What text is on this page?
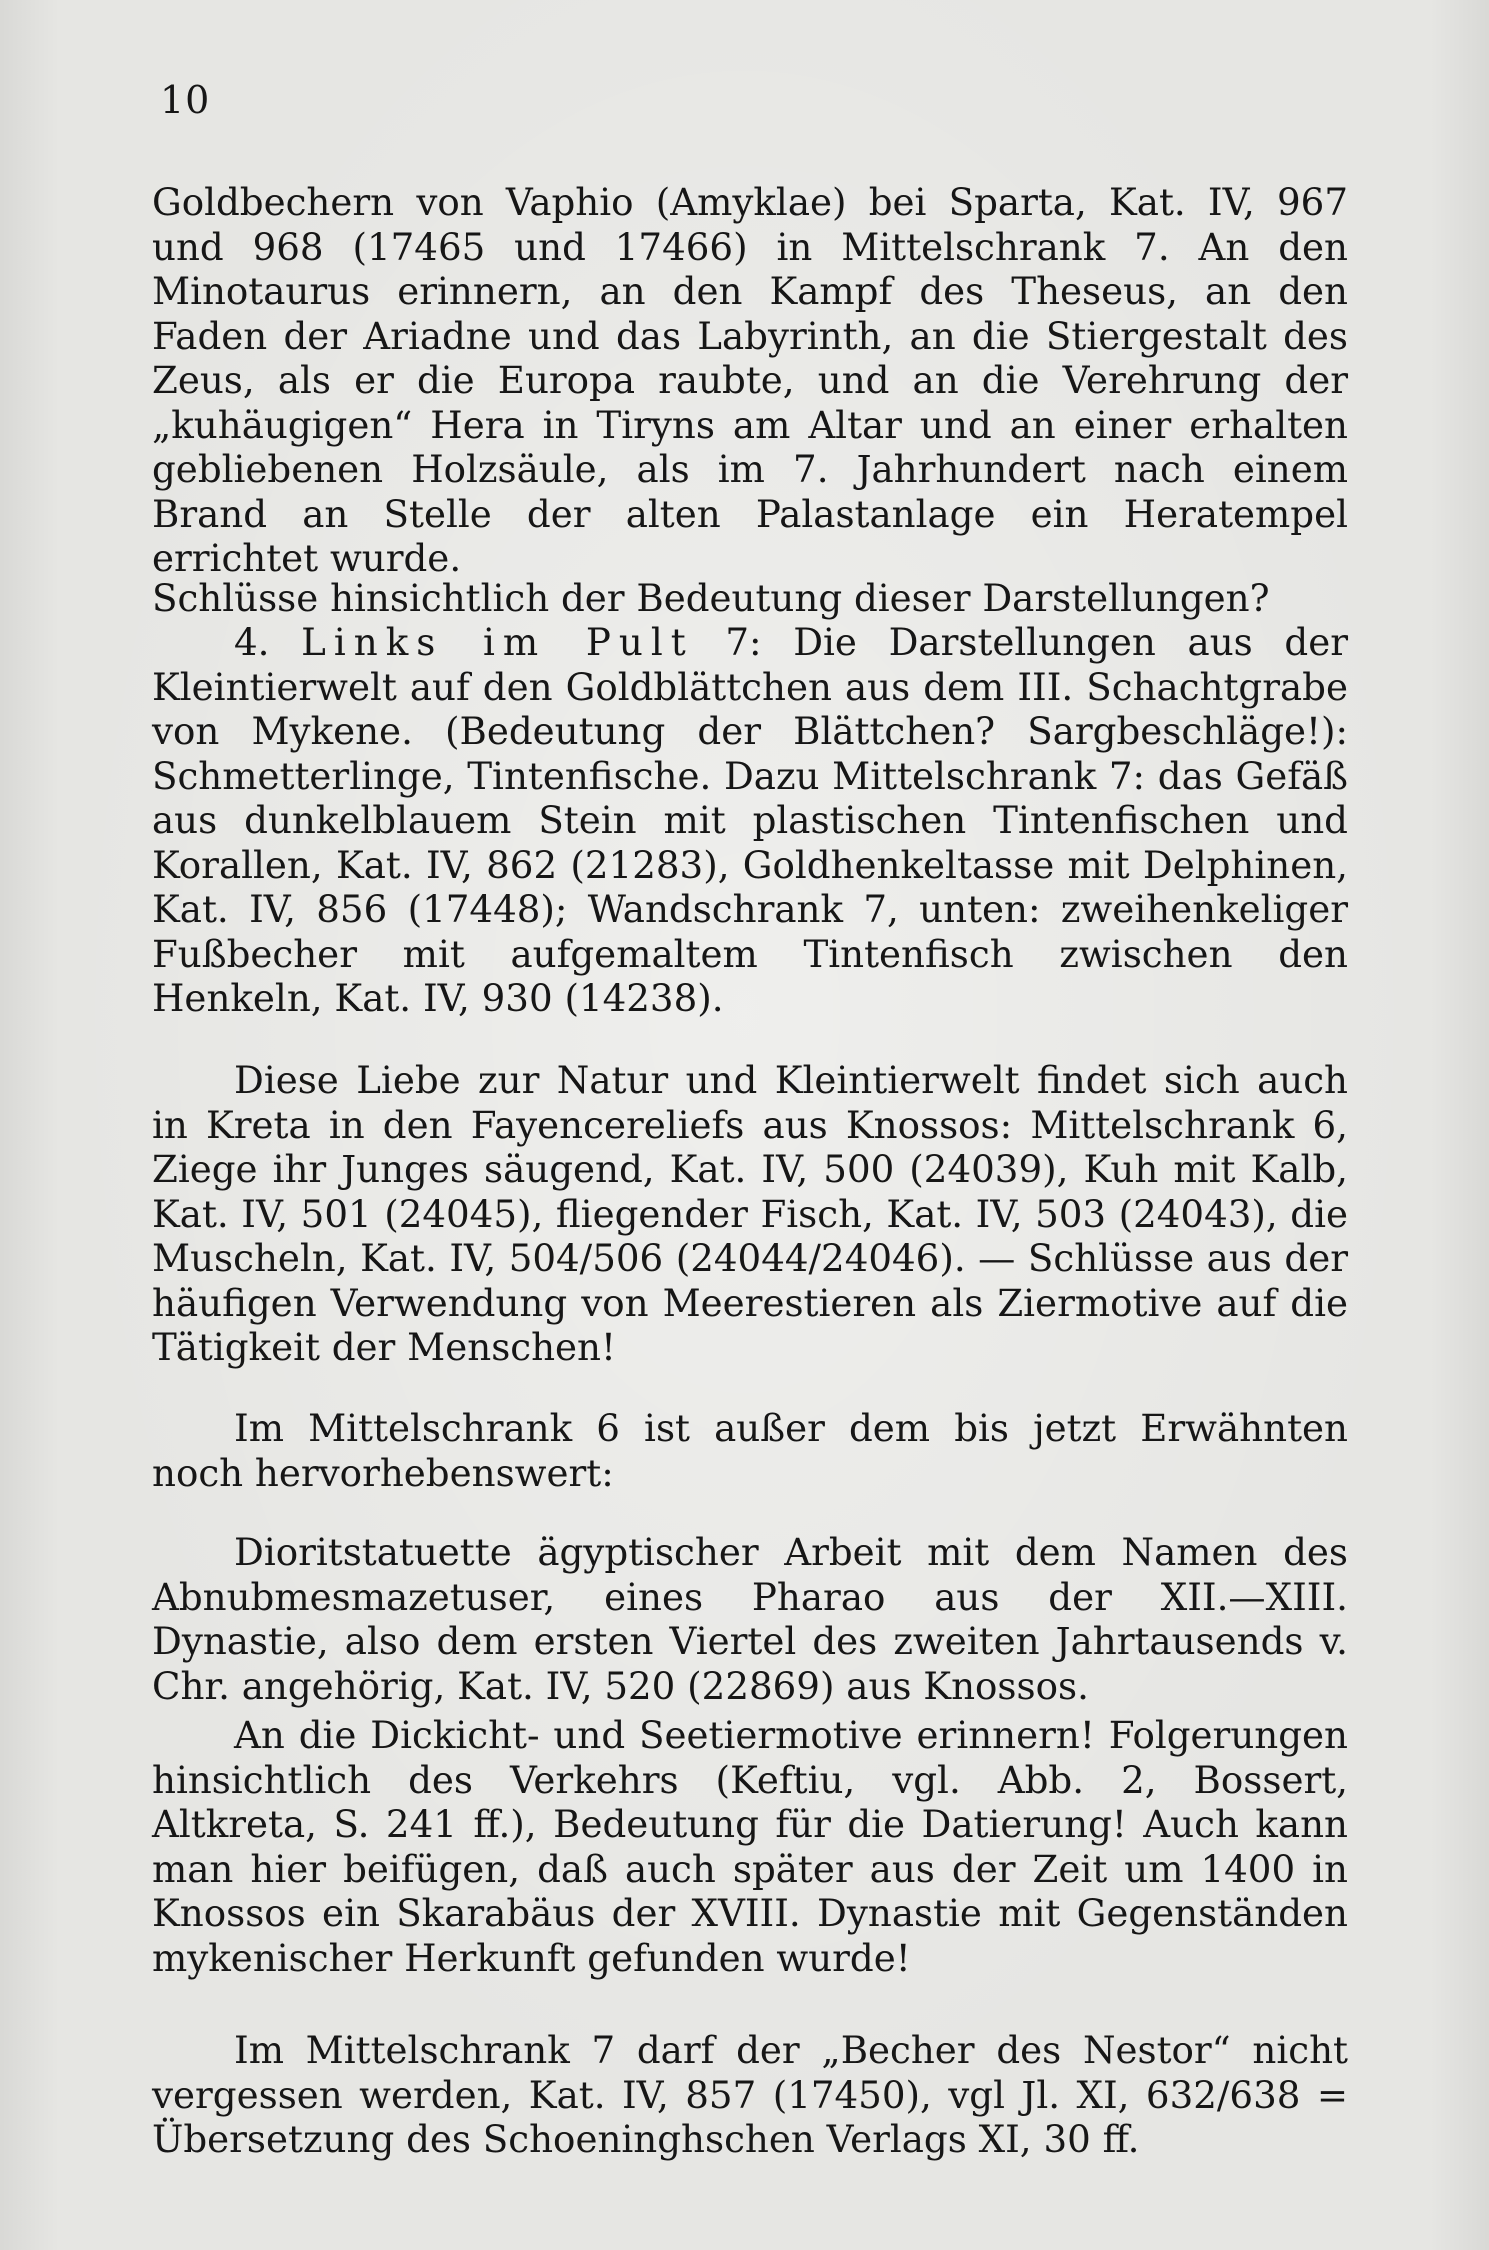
10

Goldbechern von Vaphio (Amyklae) bei Sparta, Kat. IV, 967 und 968 (17465 und 17466) in Mittelschrank 7. An den Minotaurus erinnern, an den Kampf des Theseus, an den Faden der Ariadne und das Labyrinth, an die Stiergestalt des Zeus, als er die Europa raubte, und an die Verehrung der „kuhäugigen“ Hera in Tiryns am Altar und an einer erhalten gebliebenen Holzsäule, als im 7. Jahrhundert nach einem Brand an Stelle der alten Palastanlage ein Heratempel errichtet wurde.

Schlüsse hinsichtlich der Bedeutung dieser Darstellungen?

4. Links im Pult 7: Die Darstellungen aus der Kleintierwelt auf den Goldblättchen aus dem III. Schachtgrabe von Mykene. (Bedeutung der Blättchen? Sargbeschläge!): Schmetterlinge, Tintenfische. Dazu Mittelschrank 7: das Gefäß aus dunkelblauem Stein mit plastischen Tintenfischen und Korallen, Kat. IV, 862 (21283), Goldhenkeltasse mit Delphinen, Kat. IV, 856 (17448); Wandschrank 7, unten: zweihenkeliger Fußbecher mit aufgemaltem Tintenfisch zwischen den Henkeln, Kat. IV, 930 (14238).

Diese Liebe zur Natur und Kleintierwelt findet sich auch in Kreta in den Fayencereliefs aus Knossos: Mittelschrank 6, Ziege ihr Junges säugend, Kat. IV, 500 (24039), Kuh mit Kalb, Kat. IV, 501 (24045), fliegender Fisch, Kat. IV, 503 (24043), die Muscheln, Kat. IV, 504/506 (24044/24046). — Schlüsse aus der häufigen Verwendung von Meerestieren als Ziermotive auf die Tätigkeit der Menschen!

Im Mittelschrank 6 ist außer dem bis jetzt Erwähnten noch hervorhebenswert:

Dioritstatuette ägyptischer Arbeit mit dem Namen des Abnubmesmazetuser, eines Pharao aus der XII.—XIII. Dynastie, also dem ersten Viertel des zweiten Jahrtausends v. Chr. angehörig, Kat. IV, 520 (22869) aus Knossos.

An die Dickicht- und Seetiermotive erinnern! Folgerungen hinsichtlich des Verkehrs (Keftiu, vgl. Abb. 2, Bossert, Altkreta, S. 241 ff.), Bedeutung für die Datierung! Auch kann man hier beifügen, daß auch später aus der Zeit um 1400 in Knossos ein Skarabäus der XVIII. Dynastie mit Gegenständen mykenischer Herkunft gefunden wurde!

Im Mittelschrank 7 darf der „Becher des Nestor“ nicht vergessen werden, Kat. IV, 857 (17450), vgl Jl. XI, 632/638 = Übersetzung des Schoeninghschen Verlags XI, 30 ff.
